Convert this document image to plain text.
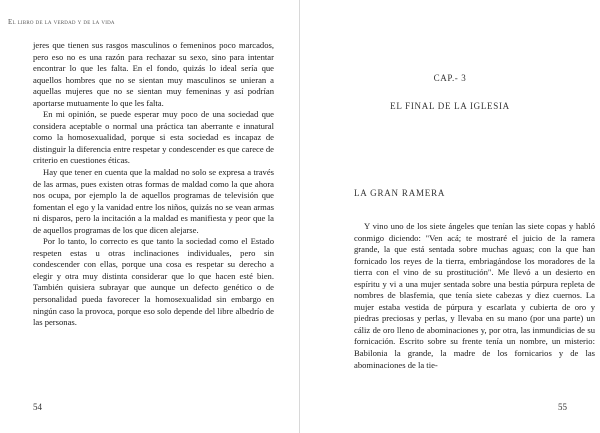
El libro de la verdad y de la vida

jeres que tienen sus rasgos masculinos o femeninos poco marcados, pero eso no es una razón para rechazar su sexo, sino para intentar encontrar lo que les falta. En el fondo, quizás lo ideal sería que aquellos hombres que no se sientan muy masculinos se unieran a aquellas mujeres que no se sientan muy femeninas y así podrían aportarse mutuamente lo que les falta.

En mi opinión, se puede esperar muy poco de una sociedad que considera aceptable o normal una práctica tan aberrante e innatural como la homosexualidad, porque si esta sociedad es incapaz de distinguir la diferencia entre respetar y condescender es que carece de criterio en cuestiones éticas.

Hay que tener en cuenta que la maldad no solo se expresa a través de las armas, pues existen otras formas de maldad como la que ahora nos ocupa, por ejemplo la de aquellos programas de televisión que fomentan el ego y la vanidad entre los niños, quizás no se vean armas ni disparos, pero la incitación a la maldad es manifiesta y peor que la de aquellos programas de los que dicen alejarse.

Por lo tanto, lo correcto es que tanto la sociedad como el Estado respeten estas u otras inclinaciones individuales, pero sin condescender con ellas, porque una cosa es respetar su derecho a elegir y otra muy distinta considerar que lo que hacen esté bien. También quisiera subrayar que aunque un defecto genético o de personalidad pueda favorecer la homosexualidad sin embargo en ningún caso la provoca, porque eso solo depende del libre albedrío de las personas.

54
CAP.- 3
EL FINAL DE LA IGLESIA
LA GRAN RAMERA

Y vino uno de los siete ángeles que tenían las siete copas y habló conmigo diciendo: "Ven acá; te mostraré el juicio de la ramera grande, la que está sentada sobre muchas aguas; con la que han fornicado los reyes de la tierra, embriagándose los moradores de la tierra con el vino de su prostitución". Me llevó a un desierto en espíritu y vi a una mujer sentada sobre una bestia púrpura repleta de nombres de blasfemia, que tenía siete cabezas y diez cuernos. La mujer estaba vestida de púrpura y escarlata y cubierta de oro y piedras preciosas y perlas, y llevaba en su mano (por una parte) un cáliz de oro lleno de abominaciones y, por otra, las inmundicias de su fornicación. Escrito sobre su frente tenía un nombre, un misterio: Babilonia la grande, la madre de los fornicarios y de las abominaciones de la tie-

55
